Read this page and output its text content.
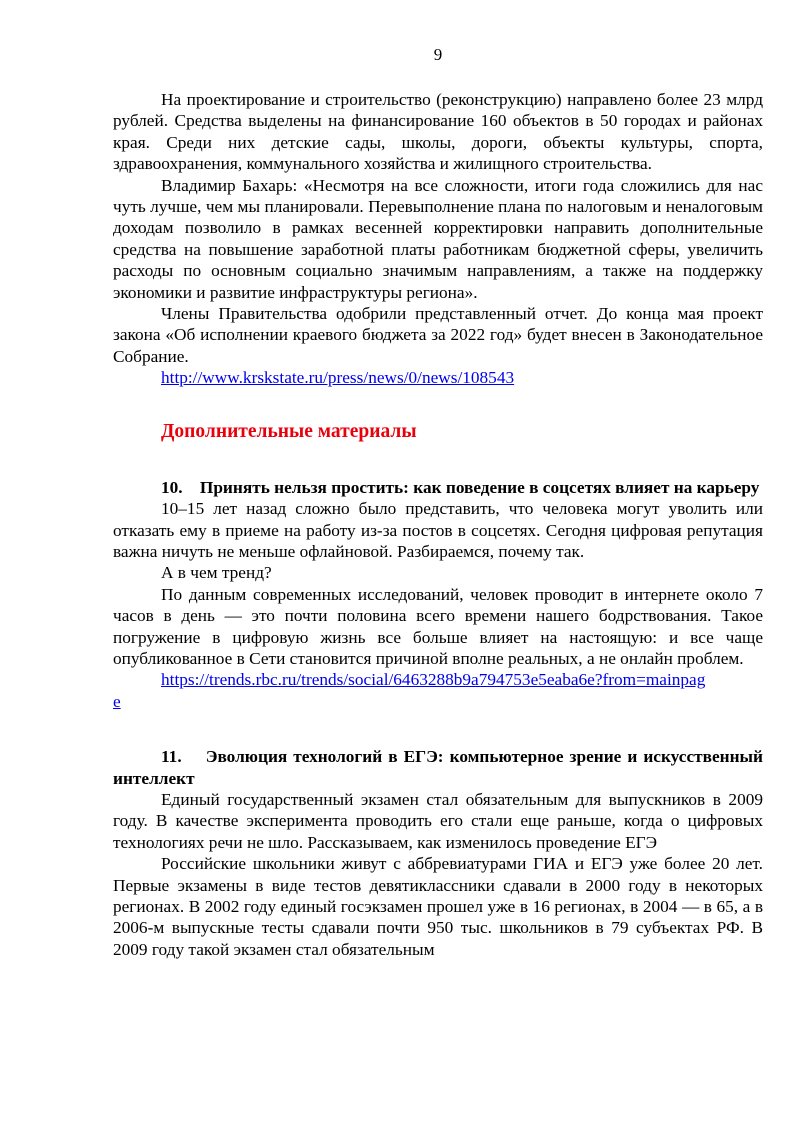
9

На проектирование и строительство (реконструкцию) направлено более 23 млрд рублей. Средства выделены на финансирование 160 объектов в 50 городах и районах края. Среди них детские сады, школы, дороги, объекты культуры, спорта, здравоохранения, коммунального хозяйства и жилищного строительства.

Владимир Бахарь: «Несмотря на все сложности, итоги года сложились для нас чуть лучше, чем мы планировали. Перевыполнение плана по налоговым и неналоговым доходам позволило в рамках весенней корректировки направить дополнительные средства на повышение заработной платы работникам бюджетной сферы, увеличить расходы по основным социально значимым направлениям, а также на поддержку экономики и развитие инфраструктуры региона».

Члены Правительства одобрили представленный отчет. До конца мая проект закона «Об исполнении краевого бюджета за 2022 год» будет внесен в Законодательное Собрание.

http://www.krskstate.ru/press/news/0/news/108543

Дополнительные материалы

10.    Принять нельзя простить: как поведение в соцсетях влияет на карьеру

10–15 лет назад сложно было представить, что человека могут уволить или отказать ему в приеме на работу из-за постов в соцсетях. Сегодня цифровая репутация важна ничуть не меньше офлайновой. Разбираемся, почему так.

А в чем тренд?

По данным современных исследований, человек проводит в интернете около 7 часов в день — это почти половина всего времени нашего бодрствования. Такое погружение в цифровую жизнь все больше влияет на настоящую: и все чаще опубликованное в Сети становится причиной вполне реальных, а не онлайн проблем.

https://trends.rbc.ru/trends/social/6463288b9a794753e5eaba6e?from=mainpag

e

11.    Эволюция технологий в ЕГЭ: компьютерное зрение и искусственный интеллект

Единый государственный экзамен стал обязательным для выпускников в 2009 году. В качестве эксперимента проводить его стали еще раньше, когда о цифровых технологиях речи не шло. Рассказываем, как изменилось проведение ЕГЭ

Российские школьники живут с аббревиатурами ГИА и ЕГЭ уже более 20 лет. Первые экзамены в виде тестов девятиклассники сдавали в 2000 году в некоторых регионах. В 2002 году единый госэкзамен прошел уже в 16 регионах, в 2004 — в 65, а в 2006-м выпускные тесты сдавали почти 950 тыс. школьников в 79 субъектах РФ. В 2009 году такой экзамен стал обязательным
